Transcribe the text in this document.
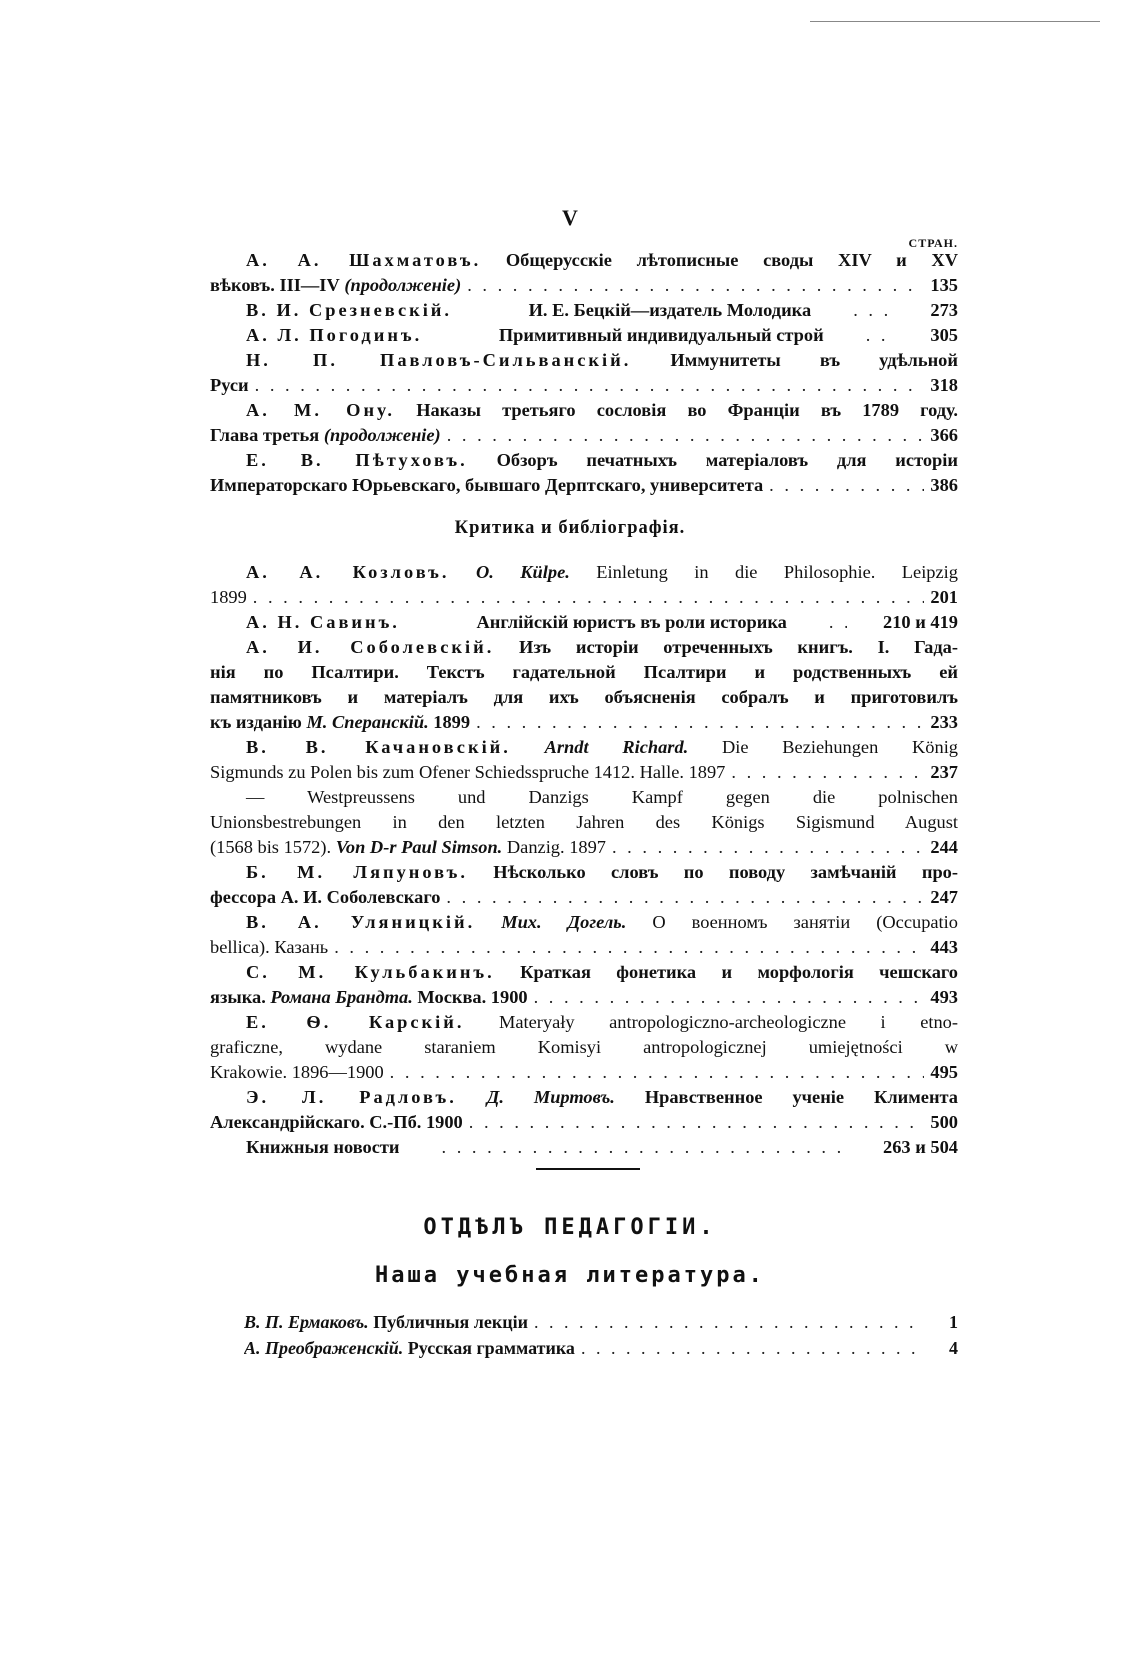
V
СТРАН.
А. А. Шахматовъ. Общерусскіе лѣтописные своды XIV и XV
вѣковъ. III—IV
(продолженіе) . . .	135
В. И. Срезневскій.
	И. Е. Бецкій—издатель Молодика . . .	273
А. Л. Погодинъ.
	Примитивный индивидуальный строй . . .	305
Н. П. Павловъ-Сильванскій. Иммунитеты въ удѣльной
Руси . . .	318
А. М. Ону. Наказы третьяго сословія во Франціи въ 1789 году.
Глава третья
(продолженіе) . . .	366
Е. В. Пѣтуховъ. Обзоръ печатныхъ матеріаловъ для исторіи
Императорскаго Юрьевскаго, бывшаго Дерптскаго, университета . . .	386
Критика и библіографія.
А. А. Козловъ. О. Külpe. Einletung in die Philosophie. Leipzig
1899 . . .	201
А. Н. Савинъ.
	Англійскій юристъ въ роли историка . . .	210 и 419
А. И. Соболевскій. Изъ исторіи отреченныхъ книгъ. I. Гада-
нія по Псалтири. Текстъ гадательной Псалтири и родственныхъ ей
памятниковъ и матеріалъ для ихъ объясненія собралъ и приготовилъ
къ изданію
М. Сперанскій.
1899 . . .	233
В. В. Качановскій. Arndt Richard. Die Beziehungen König
Sigmunds zu Polen bis zum Ofener Schiedsspruche 1412. Halle. 1897 . . .	237
— Westpreussens und Danzigs Kampf gegen die polnischen
Unionsbestrebungen in den letzten Jahren des Königs Sigismund August
(1568 bis 1572).
Von D-r Paul Simson.
Danzig. 1897 . . .	244
Б. М. Ляпуновъ. Нѣсколько словъ по поводу замѣчаній про-
фессора А. И. Соболевскаго . . .	247
В. А. Уляницкій. Мих. Догель. О военномъ занятіи (Occupatio
bellica). Казань . . .	443
С. М. Кульбакинъ. Краткая фонетика и морфологія чешскаго
языка.
Романа Брандта.
Москва. 1900 . . .	493
Е. Ѳ. Карскій. Materyały antropologiczno-archeologiczne i etno-
graficzne, wydane staraniem Komisyi antropologicznej umiejętności w
Krakowie. 1896—1900 . . .	495
Э. Л. Радловъ. Д. Миртовъ. Нравственное ученіе Климента
Александрійскаго. С.-Пб. 1900 . . .	500
Книжныя новости . . .	263 и 504
ОТДѢЛЪ ПЕДАГОГІИ.
Наша учебная литература.
В. П. Ермаковъ.
Публичныя лекціи . . .	1
А. Преображенскій.
Русская грамматика . . .	4
